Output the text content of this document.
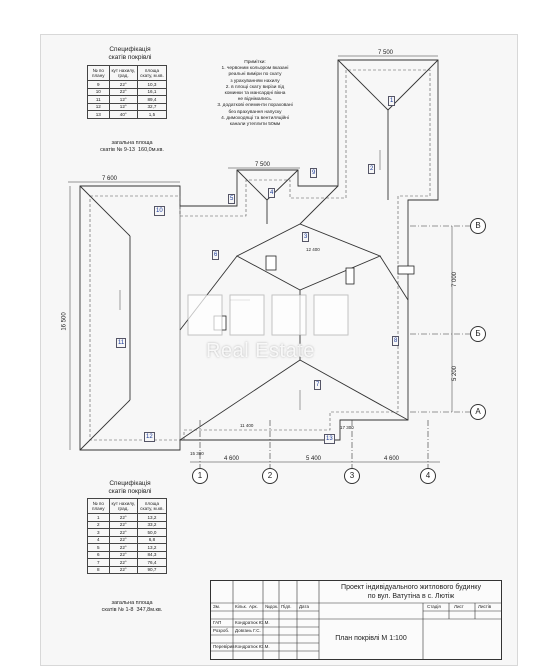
Специфікація
скатів покрівлі
№ по плану	кут нахилу, град.	площа скату, м.кв.
9	22°	10,3
10	22°	16,1
11	12°	89,4
12	12°	32,7
13	40°	1,5
загальна площа
скатів № 9-13  160,0м.кв.
Примітки:
1. червоним кольором вказані
реальні виміри по скату
з урахуванням нахилу
2. в площі скату вирізи під
коминки та мансардні вікна
не віднімались.
3. додаткові елементи пораховані
без врахування напуску
4. димоходящі та вентиляційні
канали утеплити 50мм
7 600
7 500
7 500
16 500
4 600	5 400	4 600
7 000
5 200
15 300
17 300
11 400
12 400
1
2
3
4
5
6
7
8
9
10
11
12	13
1	2	3	4
В
Б
А
Real Estate
Специфікація
скатів покрівлі
№ по плану	кут нахилу, град.	площа скату, м.кв.
1	22°	13,2
2	22°	33,2
3	22°	50,0
4	22°	6,8
5	22°	13,2
6	22°	84,3
7	22°	76,4
8	22°	90,7
загальна площа
скатів № 1-8  347,8м.кв.
Проект індивідуального житлового будинку
по вул. Ватутіна в с. Лютіж
План покрівлі М 1:100
Зм.	Кільк. Арк. №док. Підп. Дата
ГАП	Кондратюк Ю.М.
Розроб. Довгань Г.С.
Перевірив Кондратюк Ю.М.
Стадія	Лист	Листів
